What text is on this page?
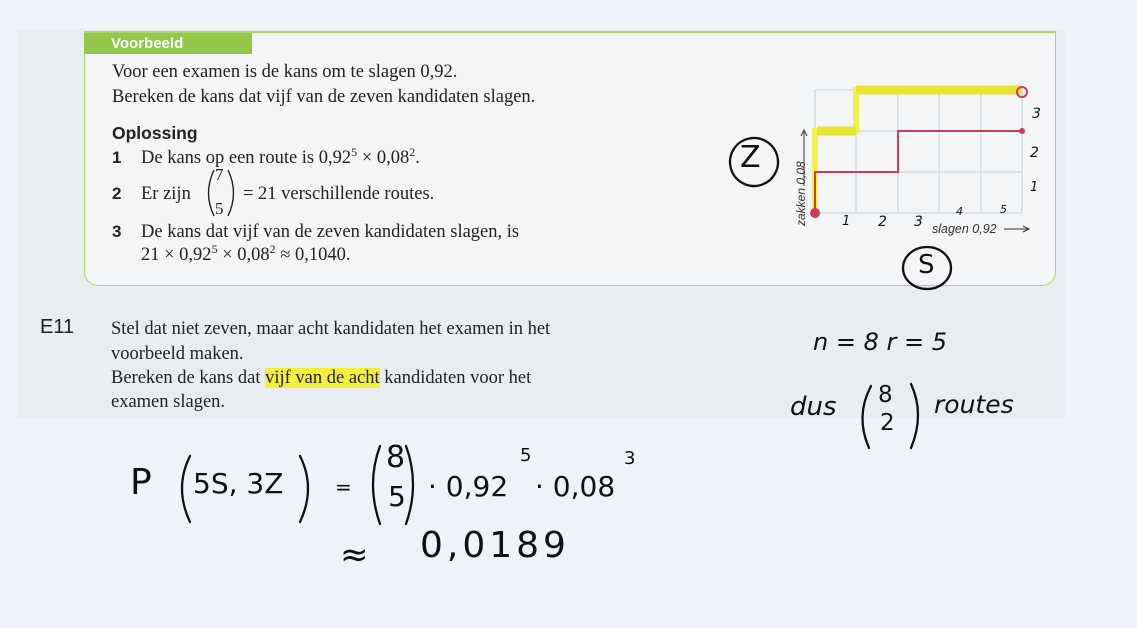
Voorbeeld
Voor een examen is de kans om te slagen 0,92.
Bereken de kans dat vijf van de zeven kandidaten slagen.
Oplossing
1 De kans op een route is $0,92^5 \times 0,08^2$.
2 Er zijn
7
5
= 21 verschillende routes.
3 De kans dat vijf van de zeven kandidaten slagen, is
$21 \times 0,92^5 \times 0,08^2 \approx 0,1040$.
zakken 0,08
slagen 0,92
1 2 3
4	5
1
2
3
Z
S
E11 Stel dat niet zeven, maar acht kandidaten het examen in het
voorbeeld maken.
Bereken de kans dat vijf van de acht kandidaten voor het
examen slagen.
n = 8 r = 5
dus 8
2
routes
P 5S, 3Z	=
8
5 · 0,92
5
· 0,08
3
≈ 0,0189
